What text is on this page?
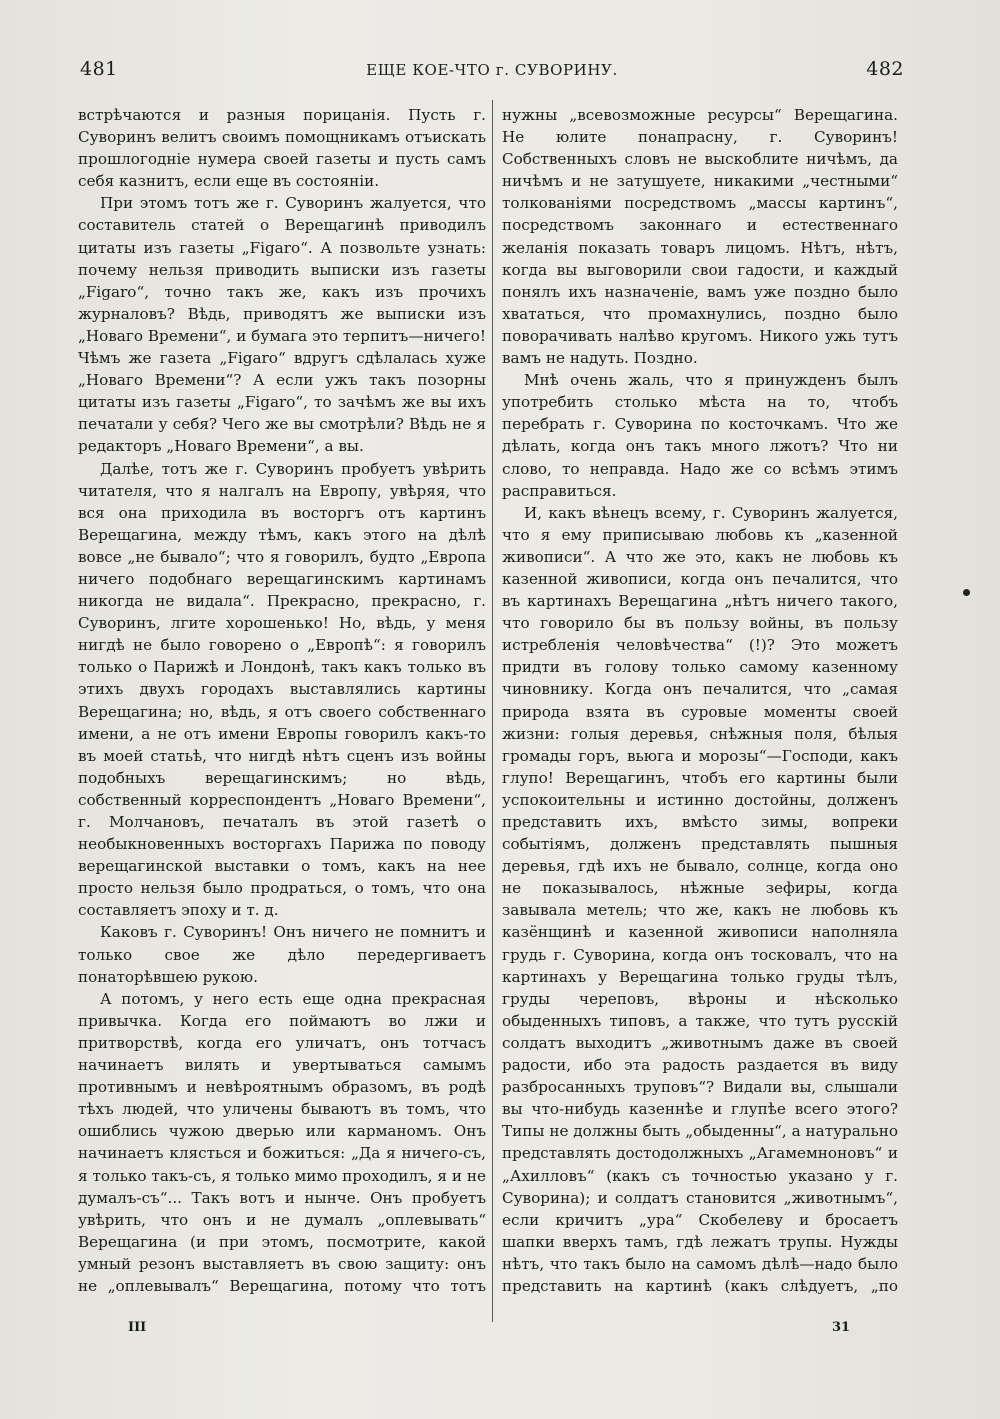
481	ЕЩЕ КОЕ-ЧТО г. СУВОРИНУ.	482

встрѣчаются и разныя порицанія. Пусть г. Суворинъ велитъ своимъ помощникамъ отъискать прошлогодніе нумера своей газеты и пусть самъ себя казнитъ, если еще въ состояніи.

При этомъ тотъ же г. Суворинъ жалуется, что составитель статей о Верещагинѣ приводилъ цитаты изъ газеты „Figaro“. А позвольте узнать: почему нельзя приводить выписки изъ газеты „Figaro“, точно такъ же, какъ изъ прочихъ журналовъ? Вѣдь, приводятъ же выписки изъ „Новаго Времени“, и бумага это терпитъ—ничего! Чѣмъ же газета „Figaro“ вдругъ сдѣлалась хуже „Новаго Времени“? А если ужъ такъ позорны цитаты изъ газеты „Figaro“, то зачѣмъ же вы ихъ печатали у себя? Чего же вы смотрѣли? Вѣдь не я редакторъ „Новаго Времени“, а вы.

Далѣе, тотъ же г. Суворинъ пробуетъ увѣрить читателя, что я налгалъ на Европу, увѣряя, что вся она приходила въ восторгъ отъ картинъ Верещагина, между тѣмъ, какъ этого на дѣлѣ вовсе „не бывало“; что я говорилъ, будто „Европа ничего подобнаго верещагинскимъ картинамъ никогда не видала“. Прекрасно, прекрасно, г. Суворинъ, лгите хорошенько! Но, вѣдь, у меня нигдѣ не было говорено о „Европѣ“: я говорилъ только о Парижѣ и Лондонѣ, такъ какъ только въ этихъ двухъ городахъ выставлялись картины Верещагина; но, вѣдь, я отъ своего собственнаго имени, а не отъ имени Европы говорилъ какъ-то въ моей статьѣ, что нигдѣ нѣтъ сценъ изъ войны подобныхъ верещагинскимъ; но вѣдь, собственный корреспондентъ „Новаго Времени“, г. Молчановъ, печаталъ въ этой газетѣ о необыкновенныхъ восторгахъ Парижа по поводу верещагинской выставки о томъ, какъ на нее просто нельзя было продраться, о томъ, что она составляетъ эпоху и т. д.

Каковъ г. Суворинъ! Онъ ничего не помнитъ и только свое же дѣло передергиваетъ понаторѣвшею рукою.

А потомъ, у него есть еще одна прекрасная привычка. Когда его поймаютъ во лжи и притворствѣ, когда его уличатъ, онъ тотчасъ начинаетъ вилять и увертываться самымъ противнымъ и невѣроятнымъ образомъ, въ родѣ тѣхъ людей, что уличены бываютъ въ томъ, что ошиблись чужою дверью или карманомъ. Онъ начинаетъ клясться и божиться: „Да я ничего-съ, я только такъ-съ, я только мимо проходилъ, я и не думалъ-съ“... Такъ вотъ и нынче. Онъ пробуетъ увѣрить, что онъ и не думалъ „оплевывать“ Верещагина (и при этомъ, посмотрите, какой умный резонъ выставляетъ въ свою защиту: онъ не „оплевывалъ“ Верещагина, потому что тотъ

нужны „всевозможные ресурсы“ Верещагина. Не юлите понапрасну, г. Суворинъ! Собственныхъ словъ не выскоблите ничѣмъ, да ничѣмъ и не затушуете, никакими „честными“ толкованіями посредствомъ „массы картинъ“, посредствомъ законнаго и естественнаго желанія показать товаръ лицомъ. Нѣтъ, нѣтъ, когда вы выговорили свои гадости, и каждый понялъ ихъ назначеніе, вамъ уже поздно было хвататься, что промахнулись, поздно было поворачивать налѣво кругомъ. Никого ужь тутъ вамъ не надуть. Поздно.

Мнѣ очень жаль, что я принужденъ былъ употребить столько мѣста на то, чтобъ перебрать г. Суворина по косточкамъ. Что же дѣлать, когда онъ такъ много лжотъ? Что ни слово, то неправда. Надо же со всѣмъ этимъ расправиться.

И, какъ вѣнецъ всему, г. Суворинъ жалуется, что я ему приписываю любовь къ „казенной живописи“. А что же это, какъ не любовь къ казенной живописи, когда онъ печалится, что въ картинахъ Верещагина „нѣтъ ничего такого, что говорило бы въ пользу войны, въ пользу истребленія человѣчества“ (!)? Это можетъ придти въ голову только самому казенному чиновнику. Когда онъ печалится, что „самая природа взята въ суровые моменты своей жизни: голыя деревья, снѣжныя поля, бѣлыя громады горъ, вьюга и морозы“—Господи, какъ глупо! Верещагинъ, чтобъ его картины были успокоительны и истинно достойны, долженъ представить ихъ, вмѣсто зимы, вопреки событіямъ, долженъ представлять пышныя деревья, гдѣ ихъ не бывало, солнце, когда оно не показывалось, нѣжные зефиры, когда завывала метель; что же, какъ не любовь къ казёнщинѣ и казенной живописи наполняла грудь г. Суворина, когда онъ тосковалъ, что на картинахъ у Верещагина только груды тѣлъ, груды череповъ, вѣроны и нѣсколько обыденныхъ типовъ, а также, что тутъ русскій солдатъ выходитъ „животнымъ даже въ своей радости, ибо эта радость раздается въ виду разбросанныхъ труповъ“? Видали вы, слышали вы что-нибудь казеннѣе и глупѣе всего этого? Типы не должны быть „обыденны“, а натурально представлять достодолжныхъ „Агамемноновъ“ и „Ахилловъ“ (какъ съ точностью указано у г. Суворина); и солдатъ становится „животнымъ“, если кричитъ „ура“ Скобелеву и бросаетъ шапки вверхъ тамъ, гдѣ лежатъ трупы. Нужды нѣтъ, что такъ было на самомъ дѣлѣ—надо было представить на картинѣ (какъ слѣдуетъ, „по

III	31
